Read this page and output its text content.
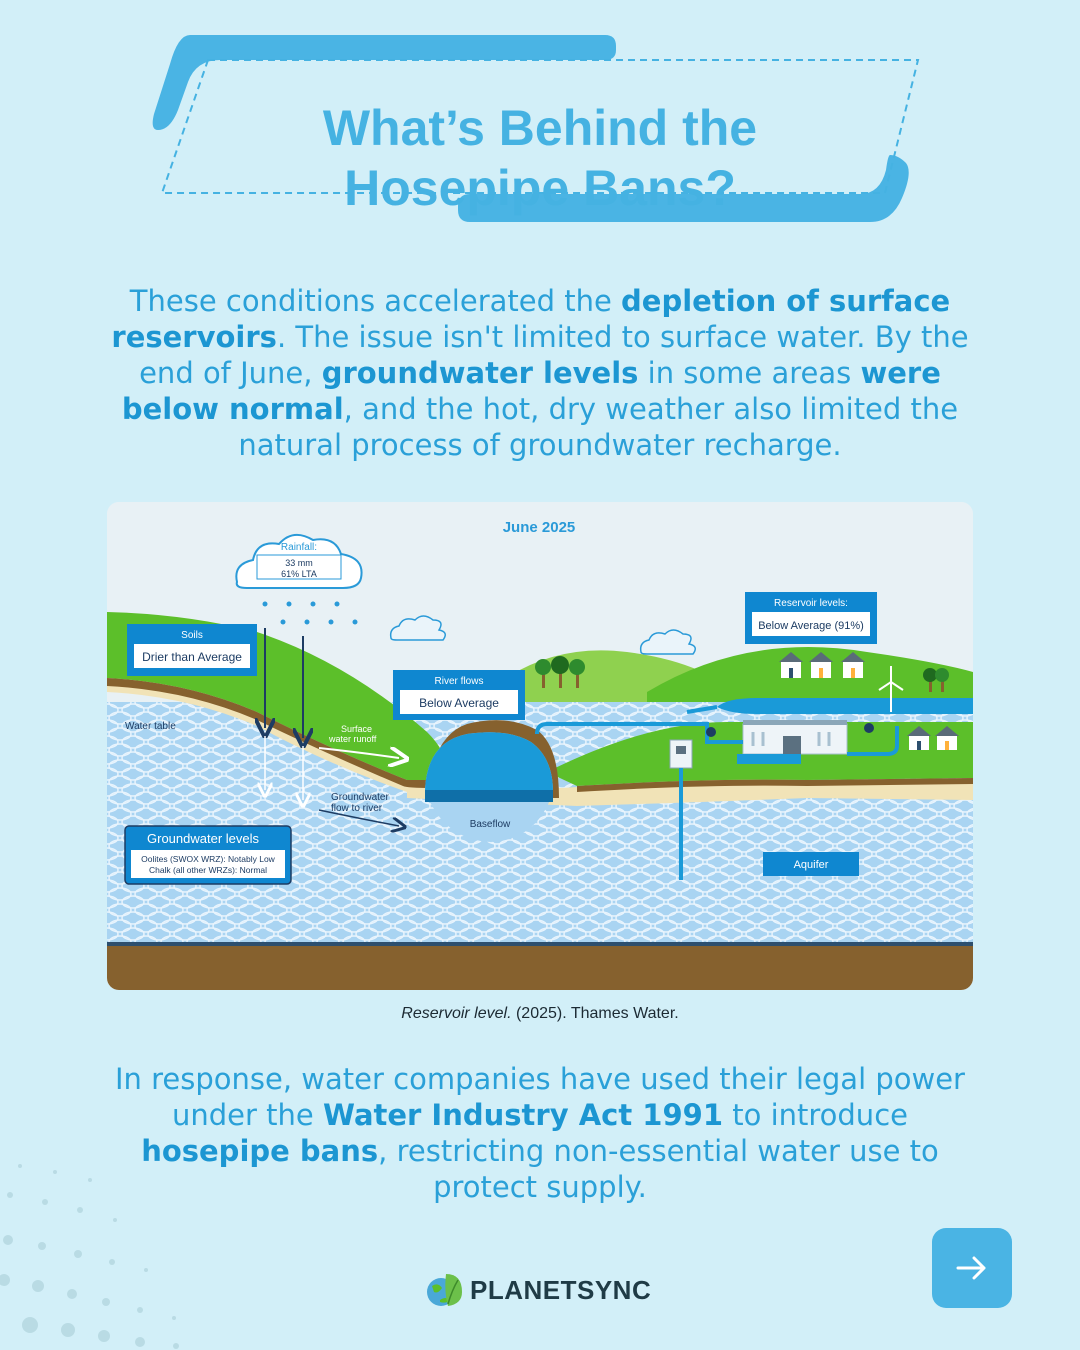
What’s Behind the
Hosepipe Bans?
These conditions accelerated the depletion of surface reservoirs. The issue isn't limited to surface water. By the end of June, groundwater levels in some areas were below normal, and the hot, dry weather also limited the natural process of groundwater recharge.
June 2025
Rainfall:
33 mm
61% LTA
Soils
Drier than Average
River flows
Below Average
Reservoir levels:
Below Average (91%)
Water table	Surface
water runoff
Groundwater
flow to river
Baseflow
Aquifer
Groundwater levels
Oolites (SWOX WRZ): Notably Low
Chalk (all other WRZs): Normal
Reservoir level. (2025). Thames Water.
In response, water companies have used their legal power under the Water Industry Act 1991 to introduce hosepipe bans, restricting non-essential water use to protect supply.
PLANETSYNC
